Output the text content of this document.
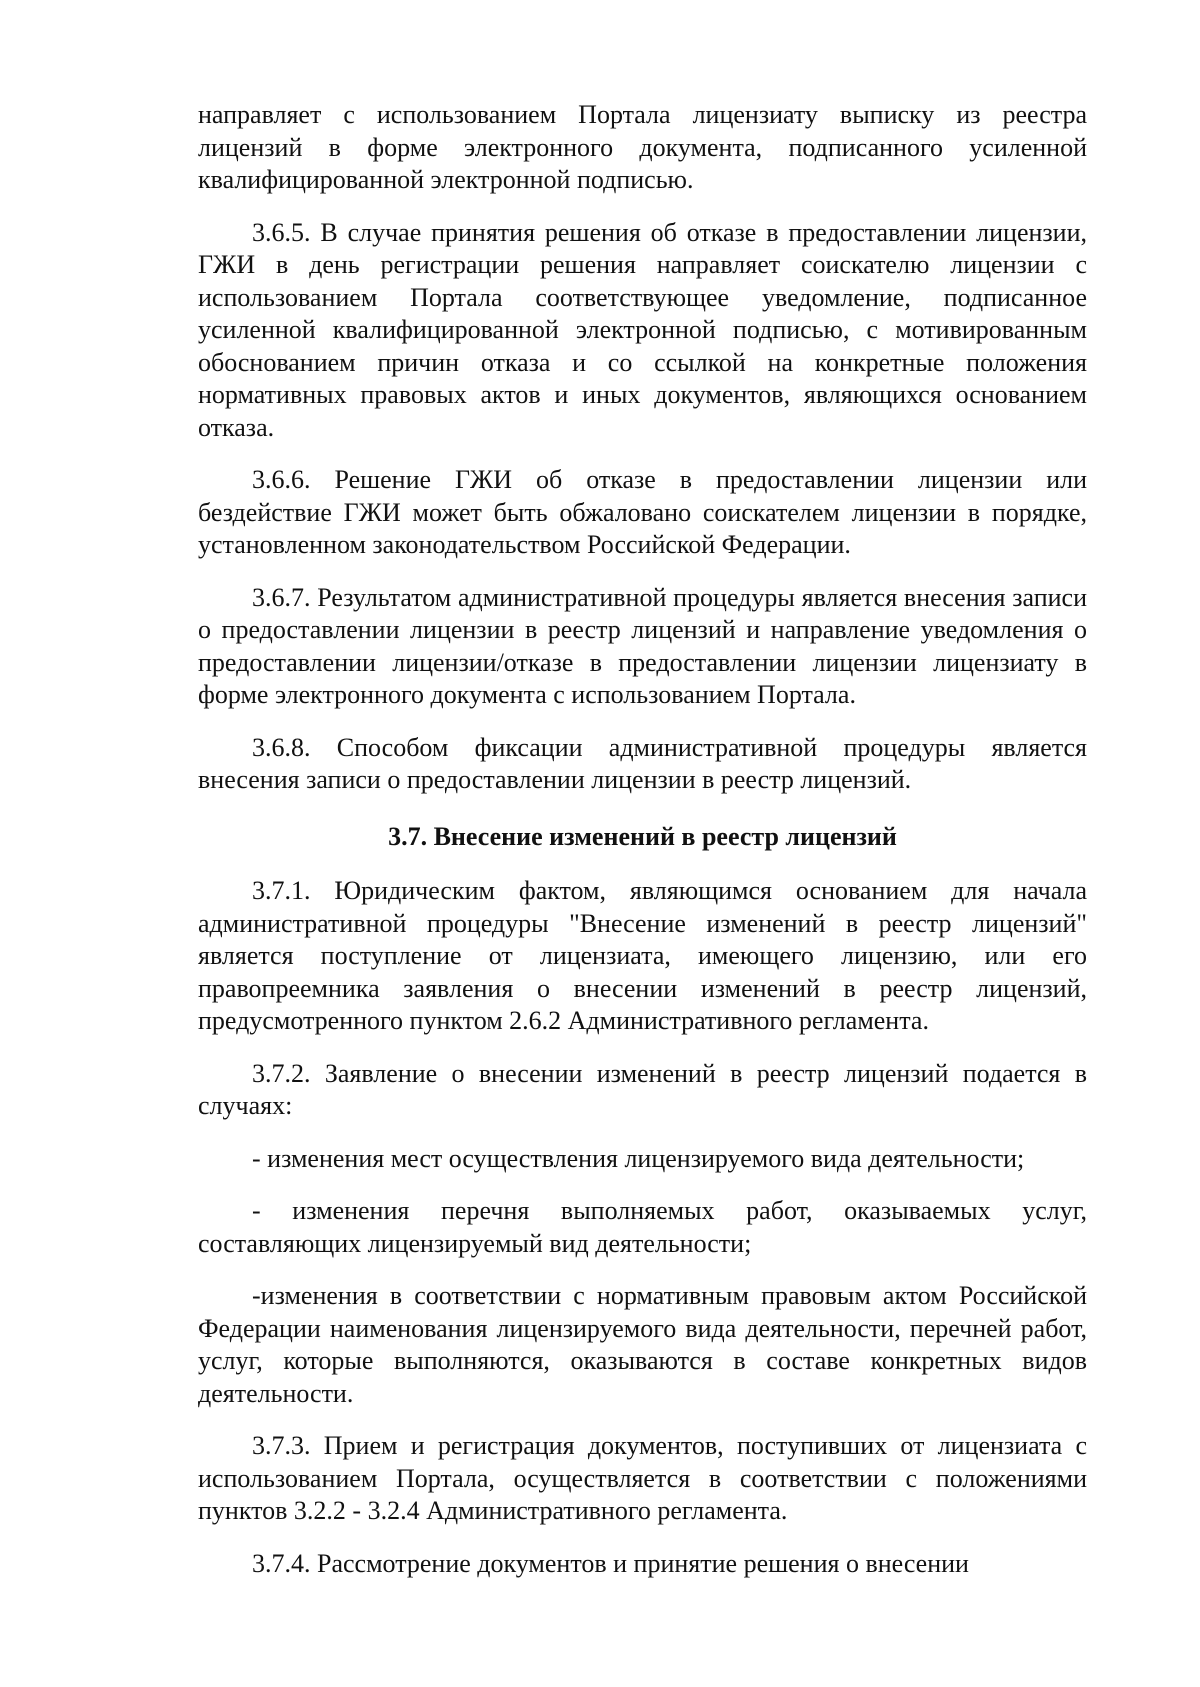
направляет с использованием Портала лицензиату выписку из реестра лицензий в форме электронного документа, подписанного усиленной квалифицированной электронной подписью.

3.6.5. В случае принятия решения об отказе в предоставлении лицензии, ГЖИ в день регистрации решения направляет соискателю лицензии с использованием Портала соответствующее уведомление, подписанное усиленной квалифицированной электронной подписью, с мотивированным обоснованием причин отказа и со ссылкой на конкретные положения нормативных правовых актов и иных документов, являющихся основанием отказа.

3.6.6. Решение ГЖИ об отказе в предоставлении лицензии или бездействие ГЖИ может быть обжаловано соискателем лицензии в порядке, установленном законодательством Российской Федерации.

3.6.7. Результатом административной процедуры является внесения записи о предоставлении лицензии в реестр лицензий и направление уведомления о предоставлении лицензии/отказе в предоставлении лицензии лицензиату в форме электронного документа с использованием Портала.

3.6.8. Способом фиксации административной процедуры является внесения записи о предоставлении лицензии в реестр лицензий.

3.7. Внесение изменений в реестр лицензий

3.7.1. Юридическим фактом, являющимся основанием для начала административной процедуры "Внесение изменений в реестр лицензий" является поступление от лицензиата, имеющего лицензию, или его правопреемника заявления о внесении изменений в реестр лицензий, предусмотренного пунктом 2.6.2 Административного регламента.

3.7.2. Заявление о внесении изменений в реестр лицензий подается в случаях:

- изменения мест осуществления лицензируемого вида деятельности;

- изменения перечня выполняемых работ, оказываемых услуг, составляющих лицензируемый вид деятельности;

-изменения в соответствии с нормативным правовым актом Российской Федерации наименования лицензируемого вида деятельности, перечней работ, услуг, которые выполняются, оказываются в составе конкретных видов деятельности.

3.7.3. Прием и регистрация документов, поступивших от лицензиата с использованием Портала, осуществляется в соответствии с положениями пунктов 3.2.2 - 3.2.4 Административного регламента.

3.7.4. Рассмотрение документов и принятие решения о внесении
